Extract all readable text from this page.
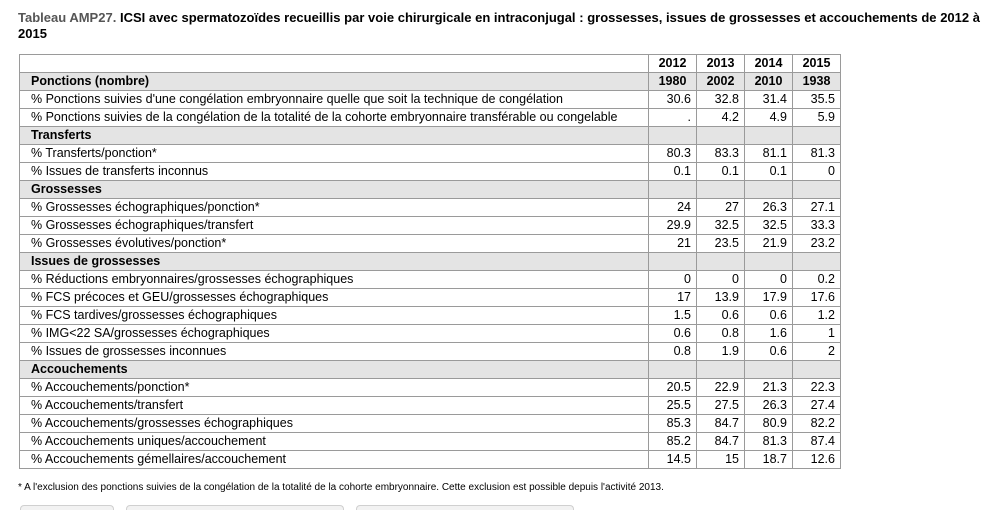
Tableau AMP27. ICSI avec spermatozoïdes recueillis par voie chirurgicale en intraconjugal : grossesses, issues de grossesses et accouchements de 2012 à 2015
	2012	2013	2014	2015
Ponctions (nombre)	1980	2002	2010	1938
% Ponctions suivies d'une congélation embryonnaire quelle que soit la technique de congélation	30.6	32.8	31.4	35.5
% Ponctions suivies de la congélation de la totalité de la cohorte embryonnaire transférable ou congelable	.	4.2	4.9	5.9
Transferts				
% Transferts/ponction*	80.3	83.3	81.1	81.3
% Issues de transferts inconnus	0.1	0.1	0.1	0
Grossesses				
% Grossesses échographiques/ponction*	24	27	26.3	27.1
% Grossesses échographiques/transfert	29.9	32.5	32.5	33.3
% Grossesses évolutives/ponction*	21	23.5	21.9	23.2
Issues de grossesses				
% Réductions embryonnaires/grossesses échographiques	0	0	0	0.2
% FCS précoces et GEU/grossesses échographiques	17	13.9	17.9	17.6
% FCS tardives/grossesses échographiques	1.5	0.6	0.6	1.2
% IMG<22 SA/grossesses échographiques	0.6	0.8	1.6	1
% Issues de grossesses inconnues	0.8	1.9	0.6	2
Accouchements				
% Accouchements/ponction*	20.5	22.9	21.3	22.3
% Accouchements/transfert	25.5	27.5	26.3	27.4
% Accouchements/grossesses échographiques	85.3	84.7	80.9	82.2
% Accouchements uniques/accouchement	85.2	84.7	81.3	87.4
% Accouchements gémellaires/accouchement	14.5	15	18.7	12.6
* A l'exclusion des ponctions suivies de la congélation de la totalité de la cohorte embryonnaire. Cette exclusion est possible depuis l'activité 2013.
